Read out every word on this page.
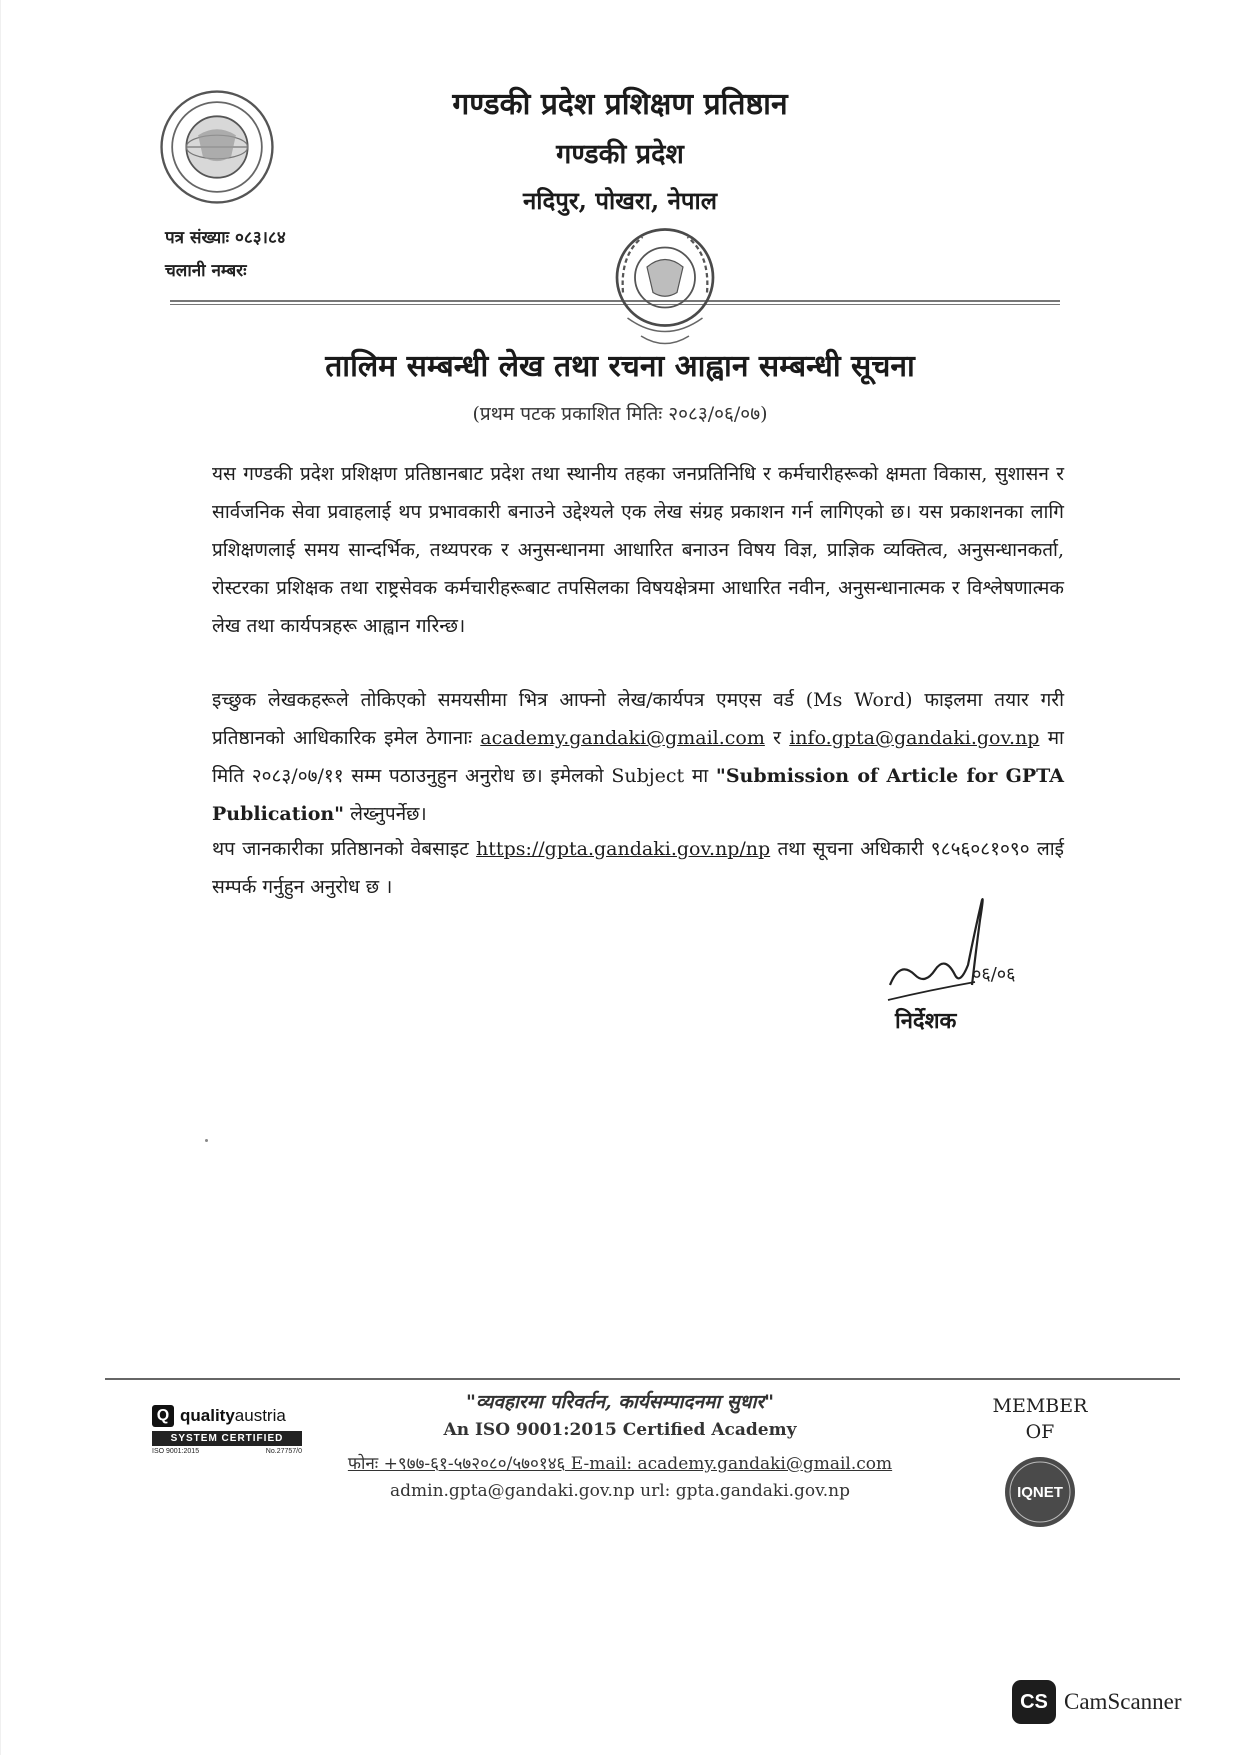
गण्डकी प्रदेश प्रशिक्षण प्रतिष्ठान
गण्डकी प्रदेश
नदिपुर, पोखरा, नेपाल
पत्र संख्याः ०८३।८४
चलानी नम्बरः
तालिम सम्बन्धी लेख तथा रचना आह्वान सम्बन्धी सूचना
(प्रथम पटक प्रकाशित मितिः २०८३/०६/०७)
यस गण्डकी प्रदेश प्रशिक्षण प्रतिष्ठानबाट प्रदेश तथा स्थानीय तहका जनप्रतिनिधि र कर्मचारीहरूको क्षमता विकास, सुशासन र सार्वजनिक सेवा प्रवाहलाई थप प्रभावकारी बनाउने उद्देश्यले एक लेख संग्रह प्रकाशन गर्न लागिएको छ। यस प्रकाशनका लागि प्रशिक्षणलाई समय सान्दर्भिक, तथ्यपरक र अनुसन्धानमा आधारित बनाउन विषय विज्ञ, प्राज्ञिक व्यक्तित्व, अनुसन्धानकर्ता, रोस्टरका प्रशिक्षक तथा राष्ट्रसेवक कर्मचारीहरूबाट तपसिलका विषयक्षेत्रमा आधारित नवीन, अनुसन्धानात्मक र विश्लेषणात्मक लेख तथा कार्यपत्रहरू आह्वान गरिन्छ।
इच्छुक लेखकहरूले तोकिएको समयसीमा भित्र आफ्नो लेख/कार्यपत्र एमएस वर्ड (Ms Word) फाइलमा तयार गरी प्रतिष्ठानको आधिकारिक इमेल ठेगानाः academy.gandaki@gmail.com र info.gpta@gandaki.gov.np मा मिति २०८३/०७/११ सम्म पठाउनुहुन अनुरोध छ। इमेलको Subject मा "Submission of Article for GPTA Publication" लेख्नुपर्नेछ।
थप जानकारीका प्रतिष्ठानको वेबसाइट https://gpta.gandaki.gov.np/np तथा सूचना अधिकारी ९८५६०८१०९० लाई सम्पर्क गर्नुहुन अनुरोध छ ।
०६/०६
निर्देशक
Q qualityaustria
SYSTEM CERTIFIED
ISO 9001:2015	No.27757/0
"व्यवहारमा परिवर्तन, कार्यसम्पादनमा सुधार"
An ISO 9001:2015 Certified Academy
फोनः +९७७-६१-५७२०८०/५७०१४६ E-mail: academy.gandaki@gmail.com
admin.gpta@gandaki.gov.np url: gpta.gandaki.gov.np
MEMBER
OF
IQNET
CS CamScanner
